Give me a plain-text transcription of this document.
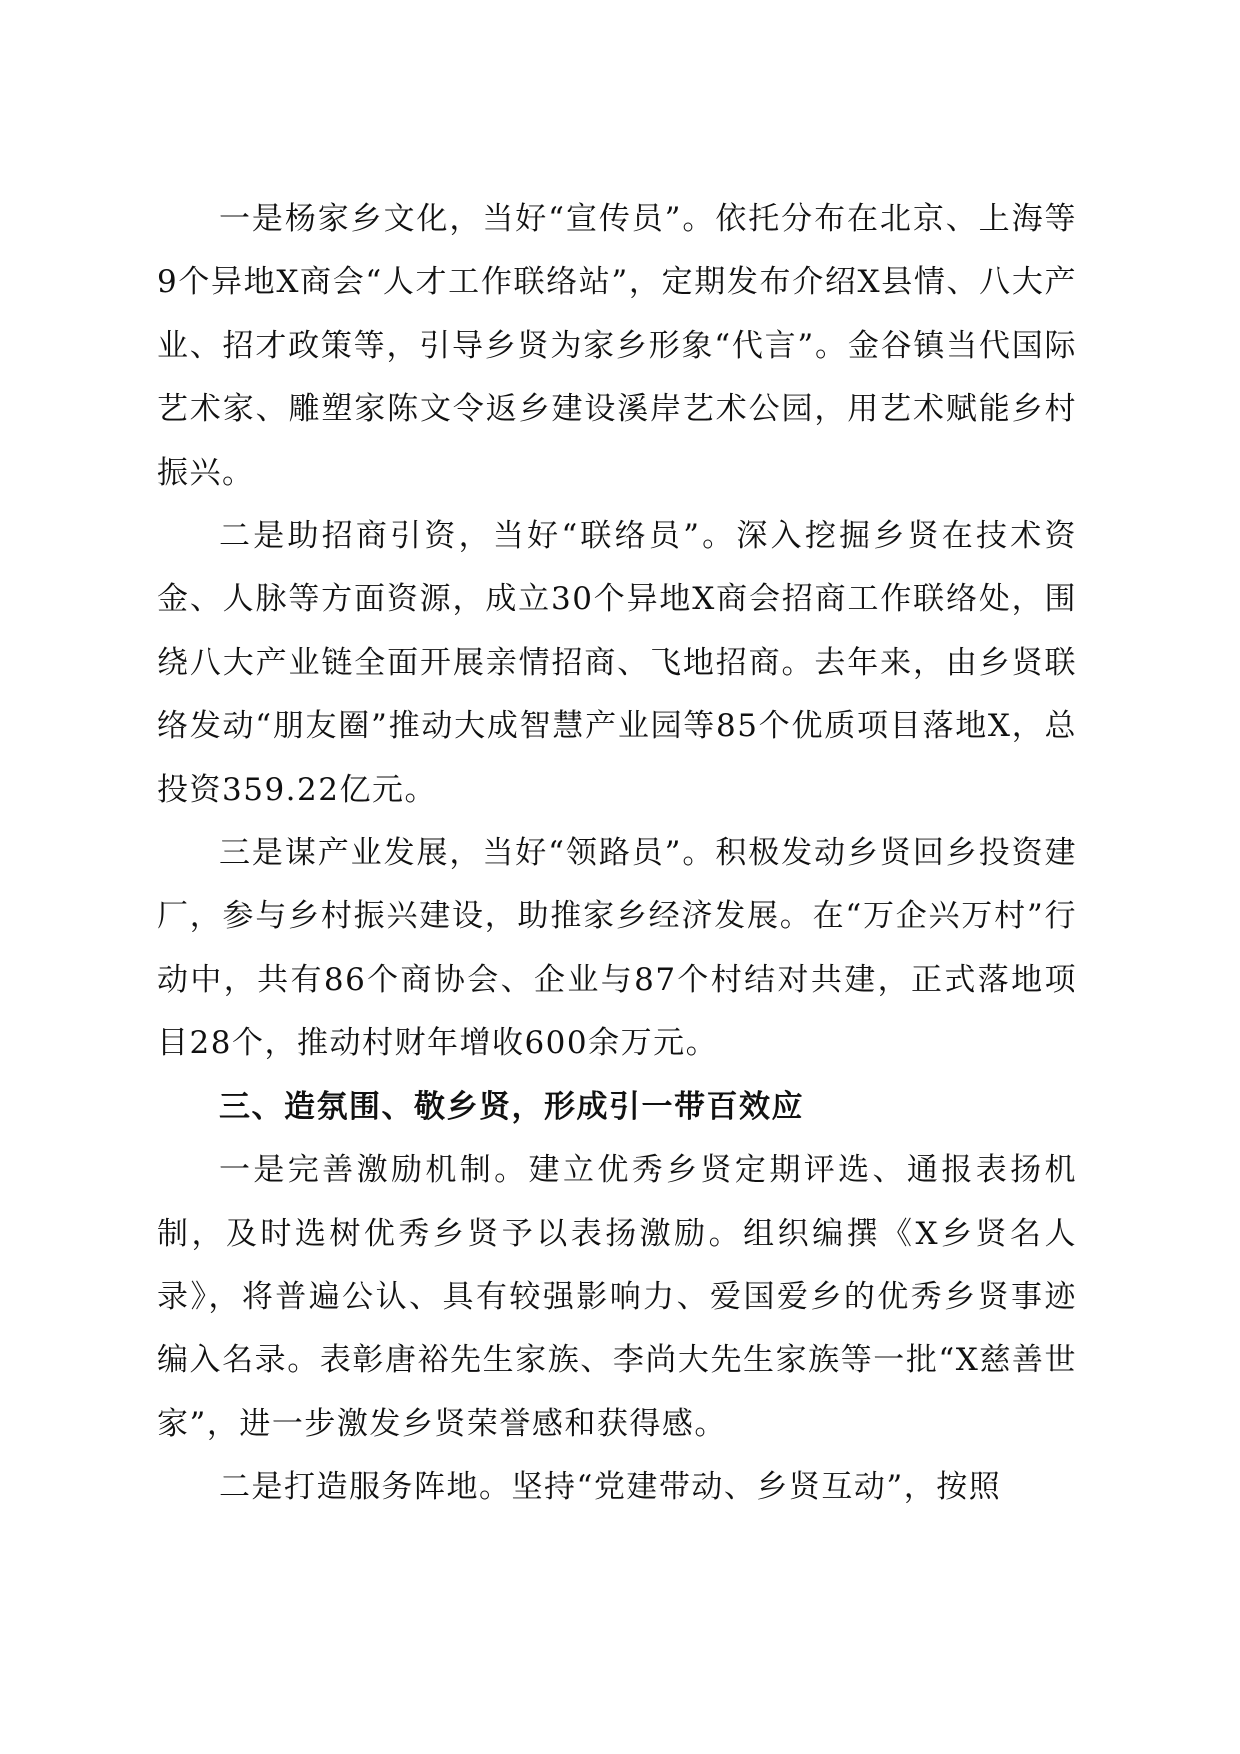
一是杨家乡文化，当好“宣传员”。依托分布在北京、上海等9个异地X商会“人才工作联络站”，定期发布介绍X县情、八大产业、招才政策等，引导乡贤为家乡形象“代言”。金谷镇当代国际艺术家、雕塑家陈文令返乡建设溪岸艺术公园，用艺术赋能乡村振兴。

二是助招商引资，当好“联络员”。深入挖掘乡贤在技术资金、人脉等方面资源，成立30个异地X商会招商工作联络处，围绕八大产业链全面开展亲情招商、飞地招商。去年来，由乡贤联络发动“朋友圈”推动大成智慧产业园等85个优质项目落地X，总投资359.22亿元。

三是谋产业发展，当好“领路员”。积极发动乡贤回乡投资建厂，参与乡村振兴建设，助推家乡经济发展。在“万企兴万村”行动中，共有86个商协会、企业与87个村结对共建，正式落地项目28个，推动村财年增收600余万元。

三、造氛围、敬乡贤，形成引一带百效应

一是完善激励机制。建立优秀乡贤定期评选、通报表扬机制，及时选树优秀乡贤予以表扬激励。组织编撰《X乡贤名人录》，将普遍公认、具有较强影响力、爱国爱乡的优秀乡贤事迹编入名录。表彰唐裕先生家族、李尚大先生家族等一批“X慈善世家”，进一步激发乡贤荣誉感和获得感。

二是打造服务阵地。坚持“党建带动、乡贤互动”，按照
